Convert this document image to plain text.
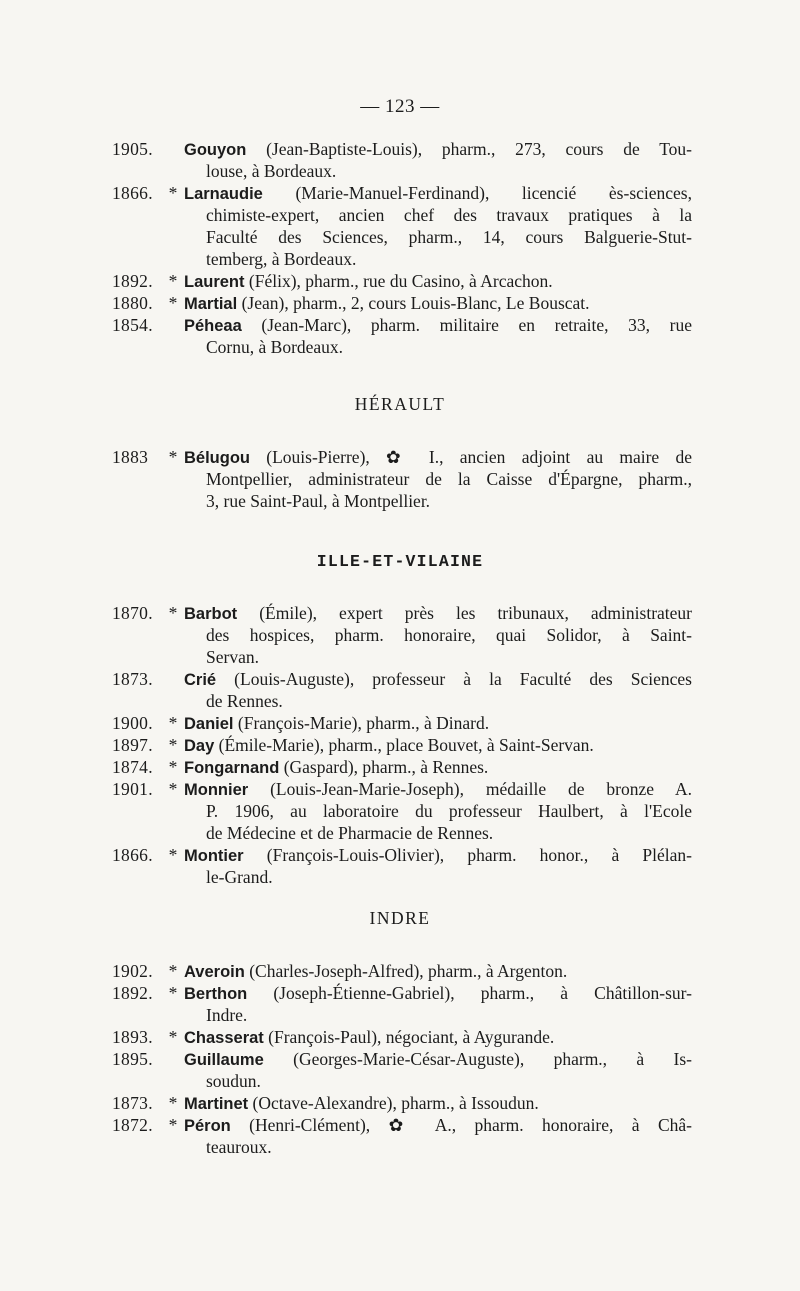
— 123 —
1905.	Gouyon (Jean-Baptiste-Louis), pharm., 273, cours de Tou-
louse, à Bordeaux.
1866. * Larnaudie (Marie-Manuel-Ferdinand), licencié ès-sciences,
chimiste-expert, ancien chef des travaux pratiques à la
Faculté des Sciences, pharm., 14, cours Balguerie-Stut-
temberg, à Bordeaux.
1892. * Laurent (Félix), pharm., rue du Casino, à Arcachon.
1880. * Martial (Jean), pharm., 2, cours Louis-Blanc, Le Bouscat.
1854.	Péheaa (Jean-Marc), pharm. militaire en retraite, 33, rue
Cornu, à Bordeaux.
HÉRAULT
1883	* Bélugou (Louis-Pierre), ✿ I., ancien adjoint au maire de
Montpellier, administrateur de la Caisse d'Épargne, pharm.,
3, rue Saint-Paul, à Montpellier.
ILLE-ET-VILAINE
1870. * Barbot (Émile), expert près les tribunaux, administrateur
des hospices, pharm. honoraire, quai Solidor, à Saint-
Servan.
1873.	Crié (Louis-Auguste), professeur à la Faculté des Sciences
de Rennes.
1900. * Daniel (François-Marie), pharm., à Dinard.
1897. * Day (Émile-Marie), pharm., place Bouvet, à Saint-Servan.
1874. * Fongarnand (Gaspard), pharm., à Rennes.
1901. * Monnier (Louis-Jean-Marie-Joseph), médaille de bronze A.
P. 1906, au laboratoire du professeur Haulbert, à l'Ecole
de Médecine et de Pharmacie de Rennes.
1866. * Montier (François-Louis-Olivier), pharm. honor., à Plélan-
le-Grand.
INDRE
1902. * Averoin (Charles-Joseph-Alfred), pharm., à Argenton.
1892. * Berthon (Joseph-Étienne-Gabriel), pharm., à Châtillon-sur-
Indre.
1893. * Chasserat (François-Paul), négociant, à Aygurande.
1895.	Guillaume (Georges-Marie-César-Auguste), pharm., à Is-
soudun.
1873. * Martinet (Octave-Alexandre), pharm., à Issoudun.
1872. * Péron (Henri-Clément), ✿ A., pharm. honoraire, à Châ-
teauroux.
